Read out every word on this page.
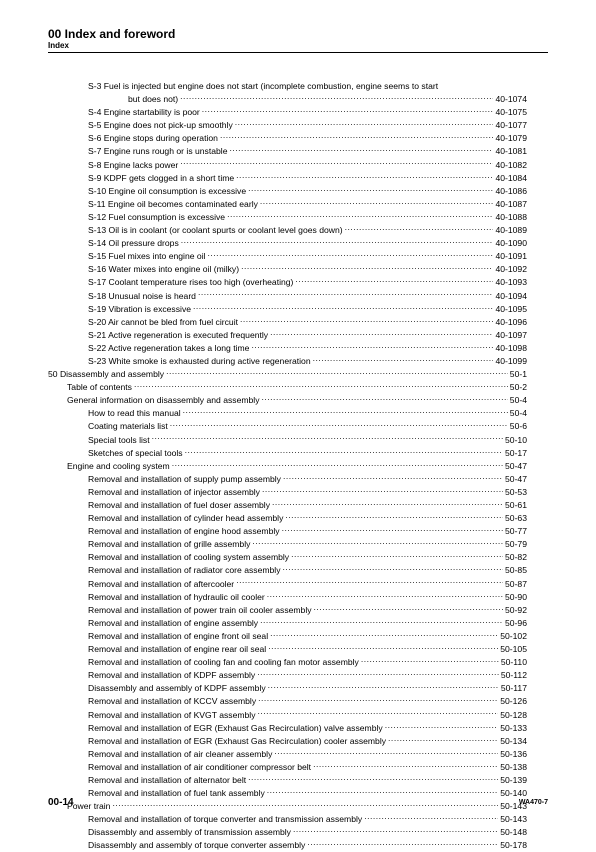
00 Index and foreword
Index
S-3 Fuel is injected but engine does not start (incomplete combustion, engine seems to start
but does not) .....	40-1074
S-4 Engine startability is poor .....	40-1075
S-5 Engine does not pick-up smoothly .....	40-1077
S-6 Engine stops during operation .....	40-1079
S-7 Engine runs rough or is unstable .....	40-1081
S-8 Engine lacks power .....	40-1082
S-9 KDPF gets clogged in a short time .....	40-1084
S-10 Engine oil consumption is excessive .....	40-1086
S-11 Engine oil becomes contaminated early .....	40-1087
S-12 Fuel consumption is excessive .....	40-1088
S-13 Oil is in coolant (or coolant spurts or coolant level goes down) .....	40-1089
S-14 Oil pressure drops .....	40-1090
S-15 Fuel mixes into engine oil .....	40-1091
S-16 Water mixes into engine oil (milky) .....	40-1092
S-17 Coolant temperature rises too high (overheating) .....	40-1093
S-18 Unusual noise is heard .....	40-1094
S-19 Vibration is excessive .....	40-1095
S-20 Air cannot be bled from fuel circuit .....	40-1096
S-21 Active regeneration is executed frequently .....	40-1097
S-22 Active regeneration takes a long time .....	40-1098
S-23 White smoke is exhausted during active regeneration .....	40-1099
50 Disassembly and assembly .....	50-1
Table of contents .....	50-2
General information on disassembly and assembly .....	50-4
How to read this manual .....	50-4
Coating materials list .....	50-6
Special tools list .....	50-10
Sketches of special tools .....	50-17
Engine and cooling system .....	50-47
Removal and installation of supply pump assembly .....	50-47
Removal and installation of injector assembly .....	50-53
Removal and installation of fuel doser assembly .....	50-61
Removal and installation of cylinder head assembly .....	50-63
Removal and installation of engine hood assembly .....	50-77
Removal and installation of grille assembly .....	50-79
Removal and installation of cooling system assembly .....	50-82
Removal and installation of radiator core assembly .....	50-85
Removal and installation of aftercooler .....	50-87
Removal and installation of hydraulic oil cooler .....	50-90
Removal and installation of power train oil cooler assembly .....	50-92
Removal and installation of engine assembly .....	50-96
Removal and installation of engine front oil seal .....	50-102
Removal and installation of engine rear oil seal .....	50-105
Removal and installation of cooling fan and cooling fan motor assembly .....	50-110
Removal and installation of KDPF assembly .....	50-112
Disassembly and assembly of KDPF assembly .....	50-117
Removal and installation of KCCV assembly .....	50-126
Removal and installation of KVGT assembly .....	50-128
Removal and installation of EGR (Exhaust Gas Recirculation) valve assembly .....	50-133
Removal and installation of EGR (Exhaust Gas Recirculation) cooler assembly .....	50-134
Removal and installation of air cleaner assembly .....	50-136
Removal and installation of air conditioner compressor belt .....	50-138
Removal and installation of alternator belt .....	50-139
Removal and installation of fuel tank assembly .....	50-140
Power train .....	50-143
Removal and installation of torque converter and transmission assembly .....	50-143
Disassembly and assembly of transmission assembly .....	50-148
Disassembly and assembly of torque converter assembly .....	50-178
00-14	WA470-7
